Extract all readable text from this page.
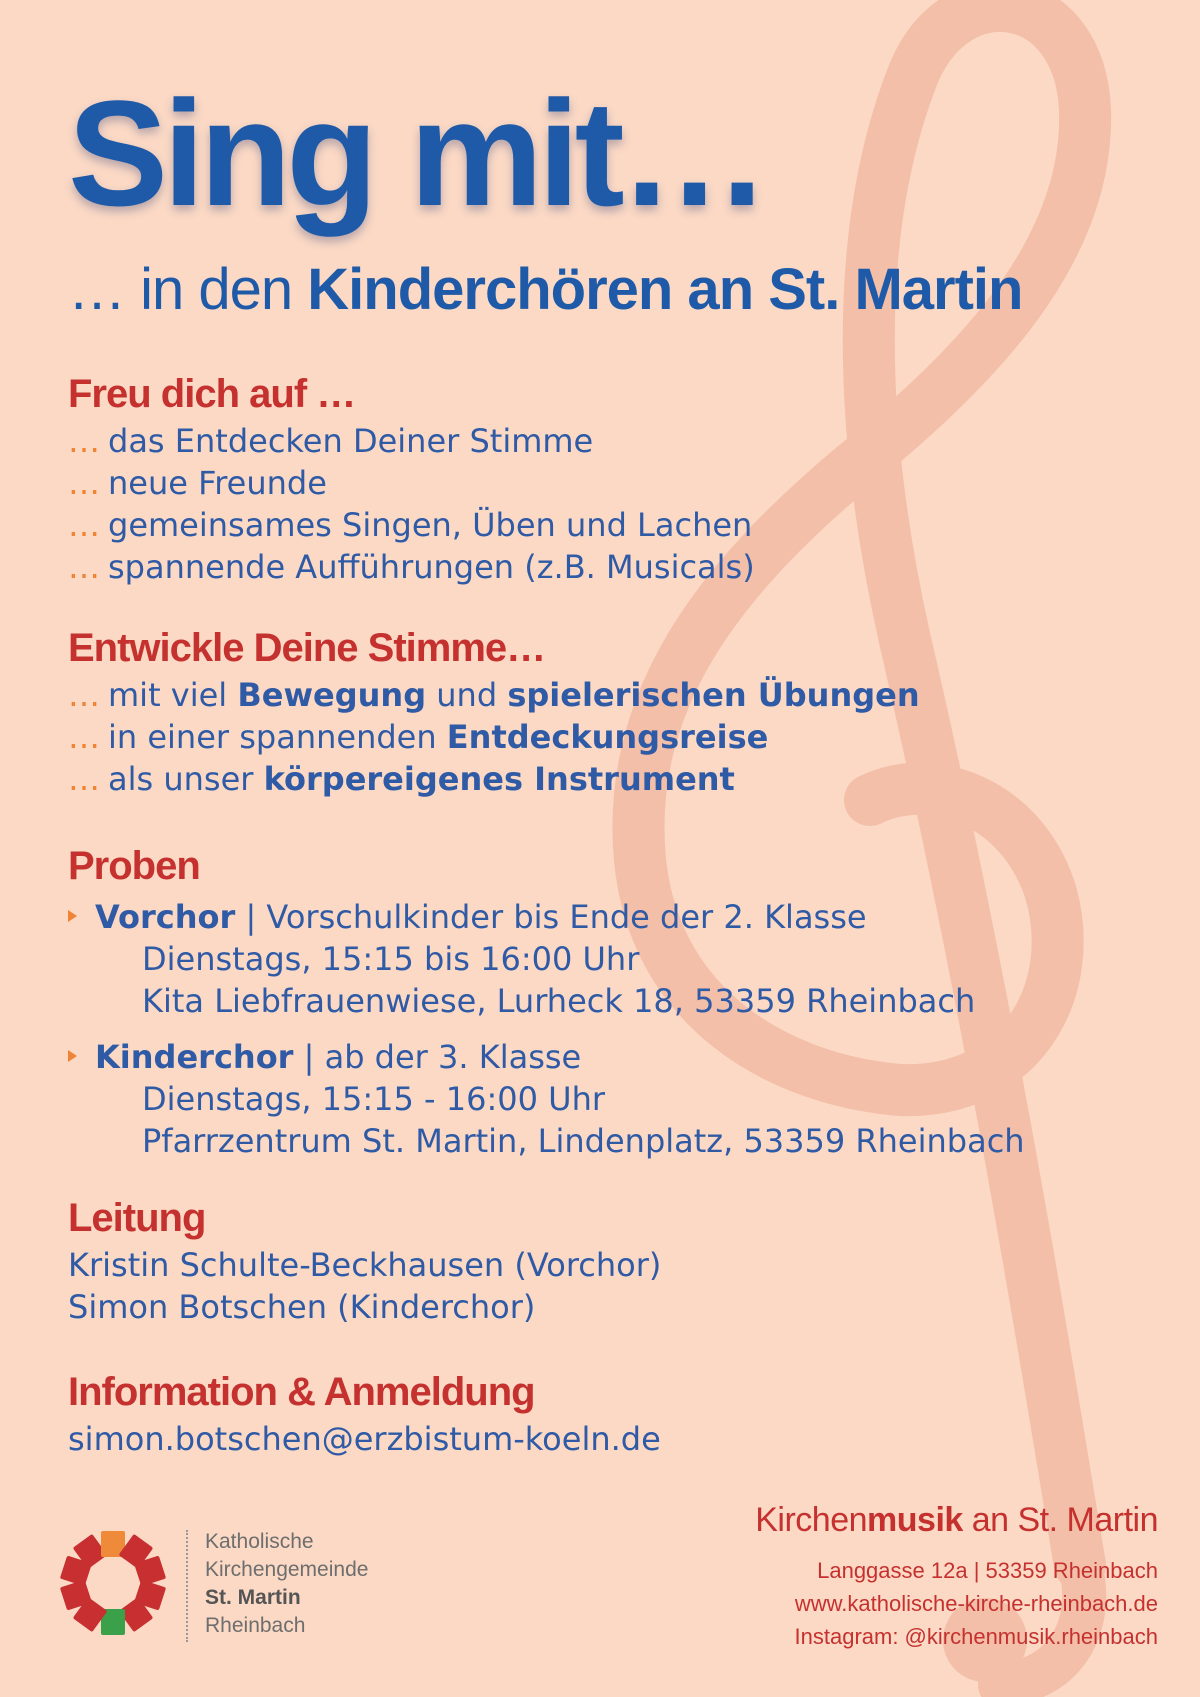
Sing mit…
… in den Kinderchören an St. Martin
Freu dich auf …
… das Entdecken Deiner Stimme
… neue Freunde
… gemeinsames Singen, Üben und Lachen
… spannende Aufführungen (z.B. Musicals)
Entwickle Deine Stimme…
… mit viel Bewegung und spielerischen Übungen
… in einer spannenden Entdeckungsreise
… als unser körpereigenes Instrument
Proben
Vorchor | Vorschulkinder bis Ende der 2. Klasse
Dienstags, 15:15 bis 16:00 Uhr
Kita Liebfrauenwiese, Lurheck 18, 53359 Rheinbach
Kinderchor | ab der 3. Klasse
Dienstags, 15:15 - 16:00 Uhr
Pfarrzentrum St. Martin, Lindenplatz, 53359 Rheinbach
Leitung
Kristin Schulte-Beckhausen (Vorchor)
Simon Botschen (Kinderchor)
Information & Anmeldung
simon.botschen@erzbistum-koeln.de
Katholische
Kirchengemeinde
St. Martin
Rheinbach
Kirchenmusik an St. Martin
Langgasse 12a | 53359 Rheinbach
www.katholische-kirche-rheinbach.de
Instagram: @kirchenmusik.rheinbach
